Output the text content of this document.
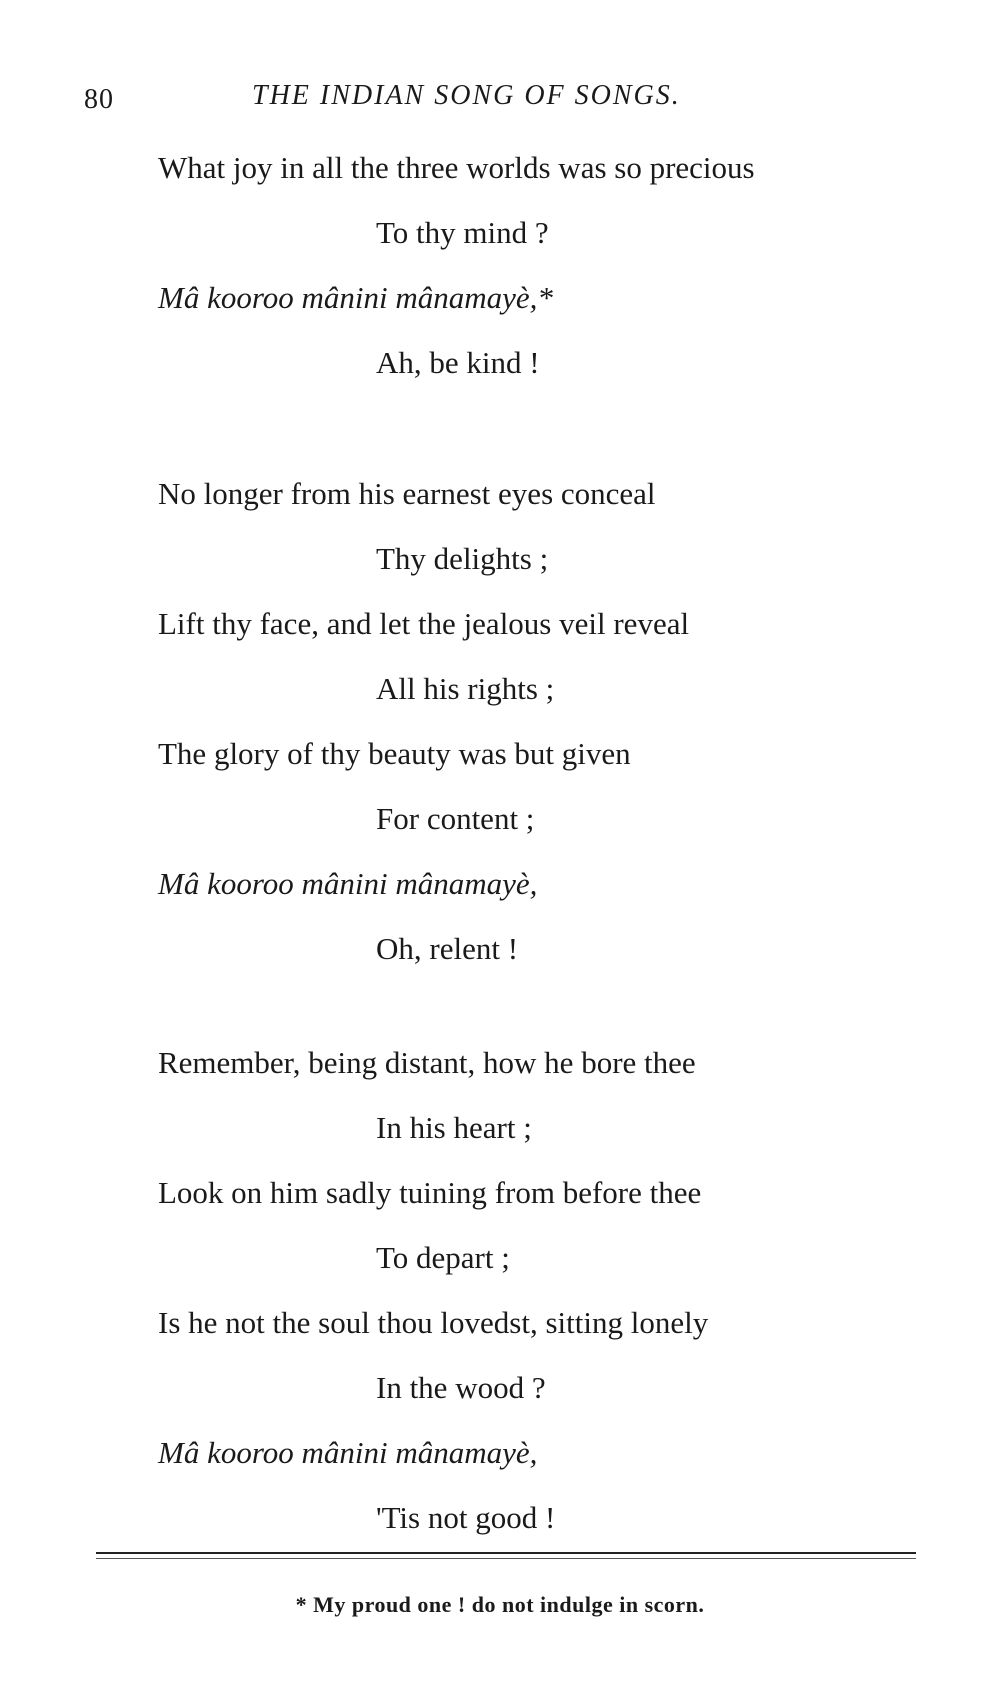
80	THE INDIAN SONG OF SONGS.
What joy in all the three worlds was so precious
To thy mind ?
Mâ kooroo mânini mânamayè,*
Ah, be kind !
No longer from his earnest eyes conceal
Thy delights ;
Lift thy face, and let the jealous veil reveal
All his rights ;
The glory of thy beauty was but given
For content ;
Mâ kooroo mânini mânamayè,
Oh, relent !
Remember, being distant, how he bore thee
In his heart ;
Look on him sadly tuining from before thee
To depart ;
Is he not the soul thou lovedst, sitting lonely
In the wood ?
Mâ kooroo mânini mânamayè,
'Tis not good !
* My proud one ! do not indulge in scorn.
